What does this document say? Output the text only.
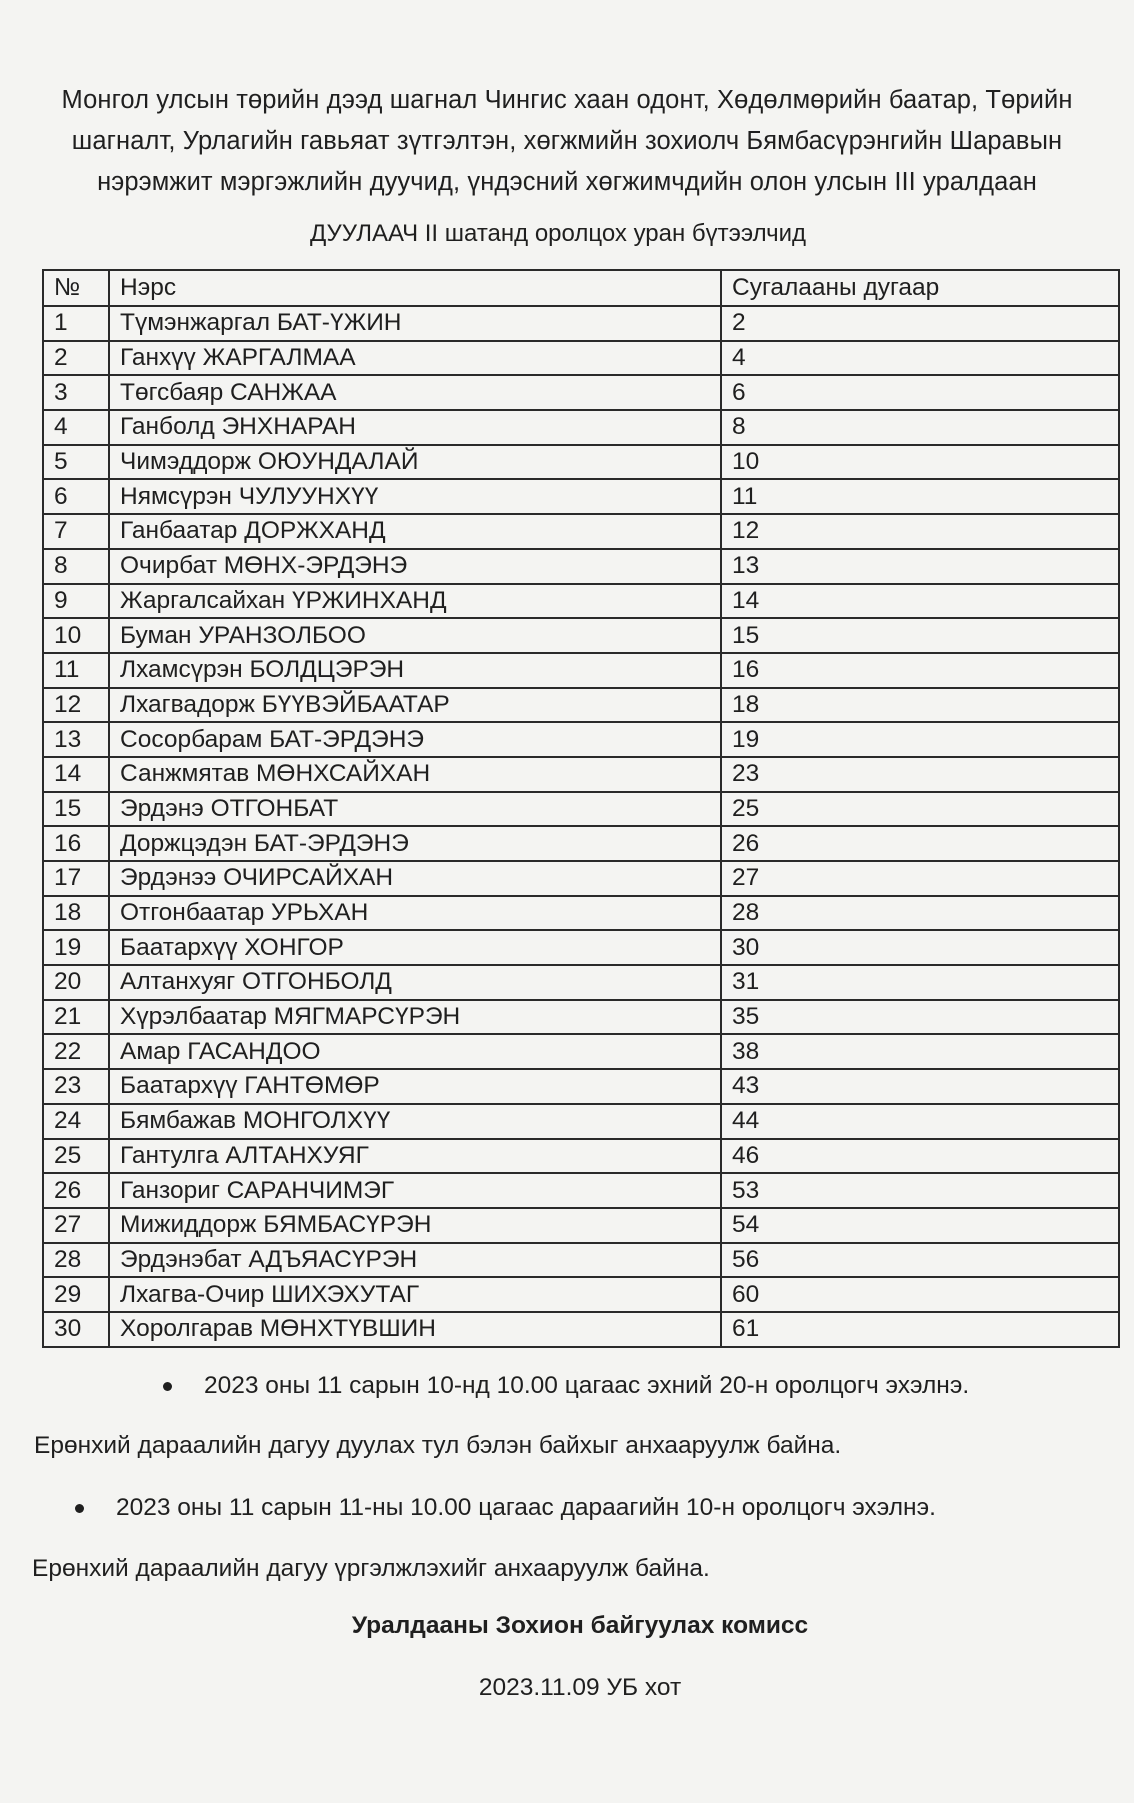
Монгол улсын төрийн дээд шагнал Чингис хаан одонт, Хөдөлмөрийн баатар, Төрийн
шагналт, Урлагийн гавьяат зүтгэлтэн, хөгжмийн зохиолч Бямбасүрэнгийн Шаравын
нэрэмжит мэргэжлийн дуучид, үндэсний хөгжимчдийн олон улсын III уралдаан
ДУУЛААЧ II шатанд оролцох уран бүтээлчид
№	Нэрс	Сугалааны дугаар
1	Түмэнжаргал БАТ-ҮЖИН	2
2	Ганхүү ЖАРГАЛМАА	4
3	Төгсбаяр САНЖАА	6
4	Ганболд ЭНХНАРАН	8
5	Чимэддорж ОЮУНДАЛАЙ	10
6	Нямсүрэн ЧУЛУУНХҮҮ	11
7	Ганбаатар ДОРЖХАНД	12
8	Очирбат МӨНХ-ЭРДЭНЭ	13
9	Жаргалсайхан ҮРЖИНХАНД	14
10	Буман УРАНЗОЛБОО	15
11	Лхамсүрэн БОЛДЦЭРЭН	16
12	Лхагвадорж БҮҮВЭЙБААТАР	18
13	Сосорбарам БАТ-ЭРДЭНЭ	19
14	Санжмятав МӨНХСАЙХАН	23
15	Эрдэнэ ОТГОНБАТ	25
16	Доржцэдэн БАТ-ЭРДЭНЭ	26
17	Эрдэнээ ОЧИРСАЙХАН	27
18	Отгонбаатар УРЬХАН	28
19	Баатархүү ХОНГОР	30
20	Алтанхуяг ОТГОНБОЛД	31
21	Хүрэлбаатар МЯГМАРСҮРЭН	35
22	Амар ГАСАНДОО	38
23	Баатархүү ГАНТӨМӨР	43
24	Бямбажав МОНГОЛХҮҮ	44
25	Гантулга АЛТАНХУЯГ	46
26	Ганзориг САРАНЧИМЭГ	53
27	Мижиддорж БЯМБАСҮРЭН	54
28	Эрдэнэбат АДЪЯАСҮРЭН	56
29	Лхагва-Очир ШИХЭХУТАГ	60
30	Хоролгарав МӨНХТҮВШИН	61
2023 оны 11 сарын 10-нд 10.00 цагаас эхний 20-н оролцогч эхэлнэ.
Ерөнхий дараалийн дагуу дуулах тул бэлэн байхыг анхааруулж байна.
2023 оны 11 сарын 11-ны 10.00 цагаас дараагийн 10-н оролцогч эхэлнэ.
Ерөнхий дараалийн дагуу үргэлжлэхийг анхааруулж байна.
Уралдааны Зохион байгуулах комисс
2023.11.09 УБ хот
